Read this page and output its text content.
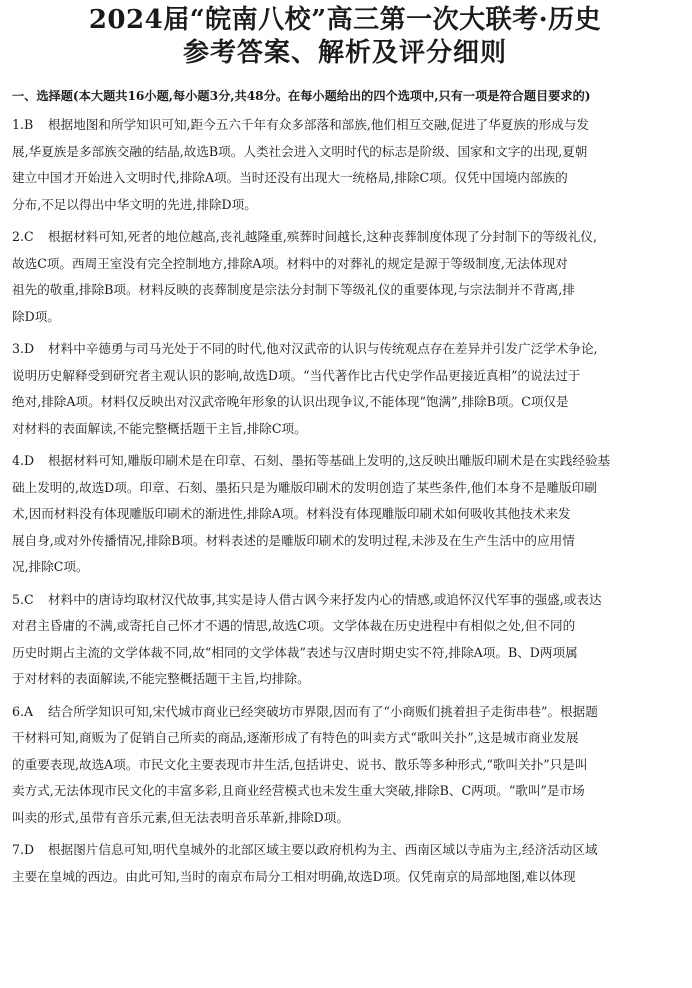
2024届“皖南八校”高三第一次大联考·历史
参考答案、解析及评分细则
一、选择题(本大题共16小题,每小题3分,共48分。在每小题给出的四个选项中,只有一项是符合题目要求的)
1.B 根据地图和所学知识可知,距今五六千年有众多部落和部族,他们相互交融,促进了华夏族的形成与发
展,华夏族是多部族交融的结晶,故选B项。人类社会进入文明时代的标志是阶级、国家和文字的出现,夏朝
建立中国才开始进入文明时代,排除A项。当时还没有出现大一统格局,排除C项。仅凭中国境内部族的
分布,不足以得出中华文明的先进,排除D项。
2.C 根据材料可知,死者的地位越高,丧礼越隆重,殡葬时间越长,这种丧葬制度体现了分封制下的等级礼仪,
故选C项。西周王室没有完全控制地方,排除A项。材料中的对葬礼的规定是源于等级制度,无法体现对
祖先的敬重,排除B项。材料反映的丧葬制度是宗法分封制下等级礼仪的重要体现,与宗法制并不背离,排
除D项。
3.D 材料中辛德勇与司马光处于不同的时代,他对汉武帝的认识与传统观点存在差异并引发广泛学术争论,
说明历史解释受到研究者主观认识的影响,故选D项。“当代著作比古代史学作品更接近真相”的说法过于
绝对,排除A项。材料仅反映出对汉武帝晚年形象的认识出现争议,不能体现“饱满”,排除B项。C项仅是
对材料的表面解读,不能完整概括题干主旨,排除C项。
4.D 根据材料可知,雕版印刷术是在印章、石刻、墨拓等基础上发明的,这反映出雕版印刷术是在实践经验基
础上发明的,故选D项。印章、石刻、墨拓只是为雕版印刷术的发明创造了某些条件,他们本身不是雕版印刷
术,因而材料没有体现雕版印刷术的渐进性,排除A项。材料没有体现雕版印刷术如何吸收其他技术来发
展自身,或对外传播情况,排除B项。材料表述的是雕版印刷术的发明过程,未涉及在生产生活中的应用情
况,排除C项。
5.C 材料中的唐诗均取材汉代故事,其实是诗人借古讽今来抒发内心的情感,或追怀汉代军事的强盛,或表达
对君主昏庸的不满,或寄托自己怀才不遇的情思,故选C项。文学体裁在历史进程中有相似之处,但不同的
历史时期占主流的文学体裁不同,故“相同的文学体裁”表述与汉唐时期史实不符,排除A项。B、D两项属
于对材料的表面解读,不能完整概括题干主旨,均排除。
6.A 结合所学知识可知,宋代城市商业已经突破坊市界限,因而有了“小商贩们挑着担子走街串巷”。根据题
干材料可知,商贩为了促销自己所卖的商品,逐渐形成了有特色的叫卖方式“歌叫关扑”,这是城市商业发展
的重要表现,故选A项。市民文化主要表现市井生活,包括讲史、说书、散乐等多种形式,“歌叫关扑”只是叫
卖方式,无法体现市民文化的丰富多彩,且商业经营模式也未发生重大突破,排除B、C两项。“歌叫”是市场
叫卖的形式,虽带有音乐元素,但无法表明音乐革新,排除D项。
7.D 根据图片信息可知,明代皇城外的北部区域主要以政府机构为主、西南区域以寺庙为主,经济活动区域
主要在皇城的西边。由此可知,当时的南京布局分工相对明确,故选D项。仅凭南京的局部地图,难以体现
